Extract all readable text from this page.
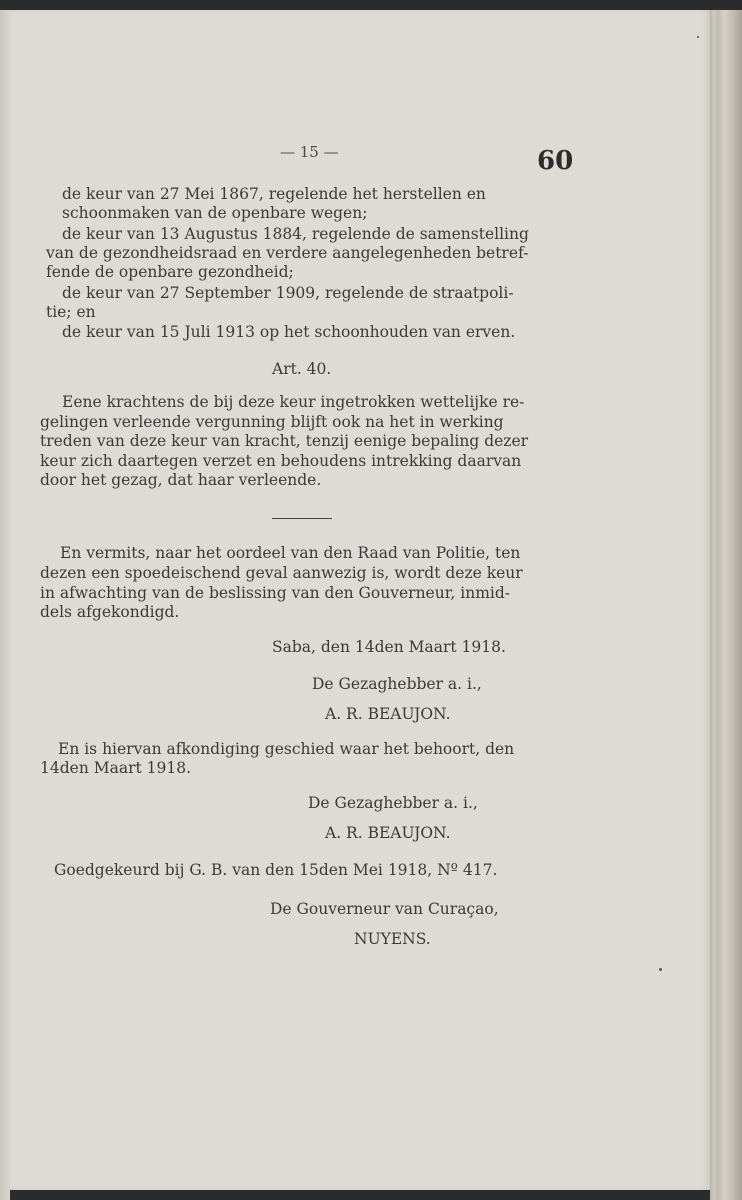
— 15 —	60
de keur van 27 Mei 1867, regelende het herstellen en
schoonmaken van de openbare wegen;
de keur van 13 Augustus 1884, regelende de samenstelling
van de gezondheidsraad en verdere aangelegenheden betref-
fende de openbare gezondheid;
de keur van 27 September 1909, regelende de straatpoli-
tie; en
de keur van 15 Juli 1913 op het schoonhouden van erven.
Art. 40.
Eene krachtens de bij deze keur ingetrokken wettelijke re-
gelingen verleende vergunning blijft ook na het in werking
treden van deze keur van kracht, tenzij eenige bepaling dezer
keur zich daartegen verzet en behoudens intrekking daarvan
door het gezag, dat haar verleende.
En vermits, naar het oordeel van den Raad van Politie, ten
dezen een spoedeischend geval aanwezig is, wordt deze keur
in afwachting van de beslissing van den Gouverneur, inmid-
dels afgekondigd.
Saba, den 14den Maart 1918.
De Gezaghebber a. i.,
A. R. BEAUJON.
En is hiervan afkondiging geschied waar het behoort, den
14den Maart 1918.
De Gezaghebber a. i.,
A. R. BEAUJON.
Goedgekeurd bij G. B. van den 15den Mei 1918, Nº 417.
De Gouverneur van Curaçao,
NUYENS.
